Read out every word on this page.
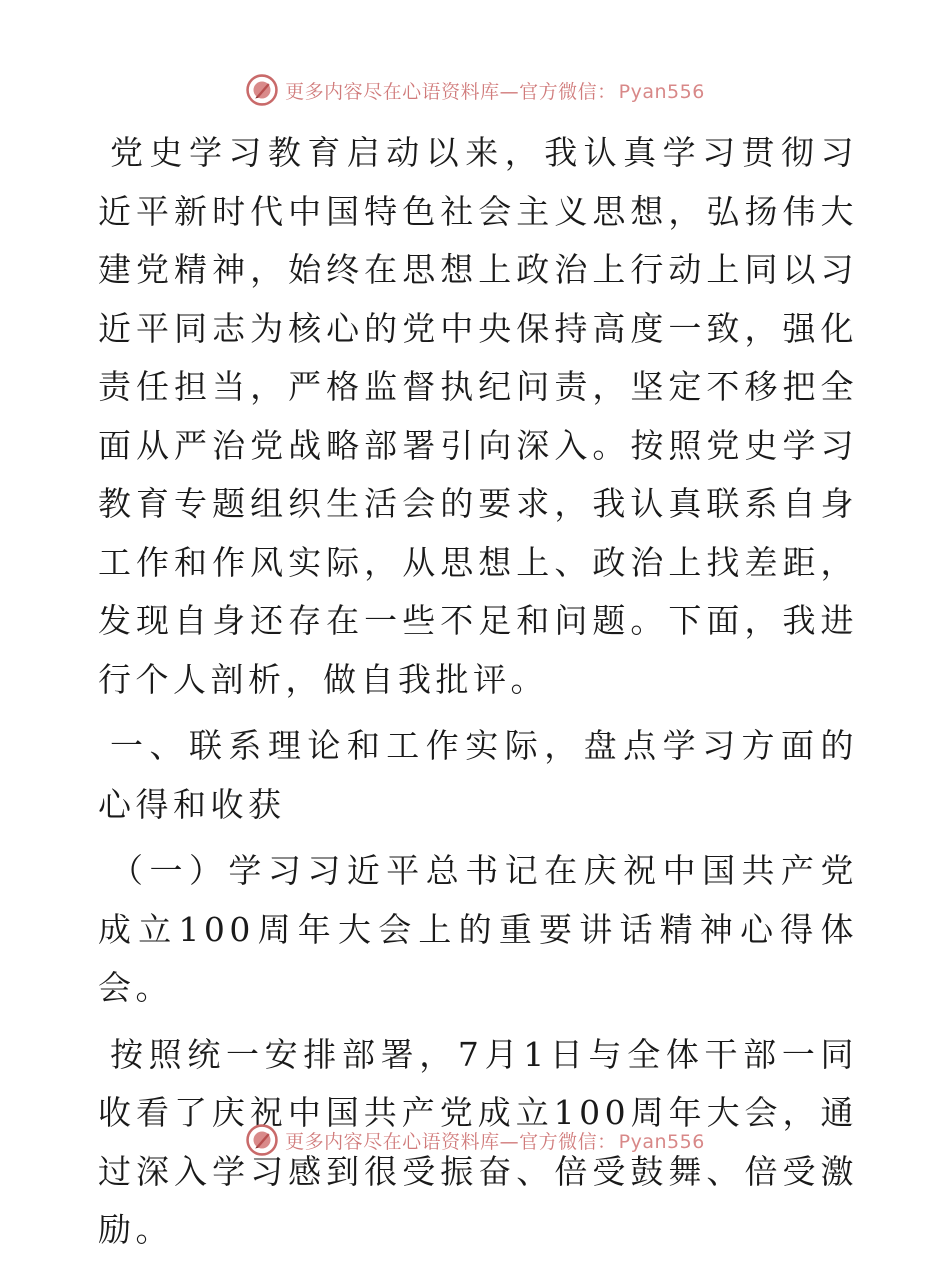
更多内容尽在心语资料库—官方微信： Pyan556

党史学习教育启动以来，我认真学习贯彻习近平新时代中国特色社会主义思想，弘扬伟大建党精神，始终在思想上政治上行动上同以习近平同志为核心的党中央保持高度一致，强化责任担当，严格监督执纪问责，坚定不移把全面从严治党战略部署引向深入。按照党史学习教育专题组织生活会的要求，我认真联系自身工作和作风实际，从思想上、政治上找差距，发现自身还存在一些不足和问题。下面，我进行个人剖析，做自我批评。

一、联系理论和工作实际，盘点学习方面的心得和收获

（一）学习习近平总书记在庆祝中国共产党成立100周年大会上的重要讲话精神心得体会。

按照统一安排部署，7月1日与全体干部一同收看了庆祝中国共产党成立100周年大会，通过深入学习感到很受振奋、倍受鼓舞、倍受激励。

更多内容尽在心语资料库—官方微信： Pyan556
